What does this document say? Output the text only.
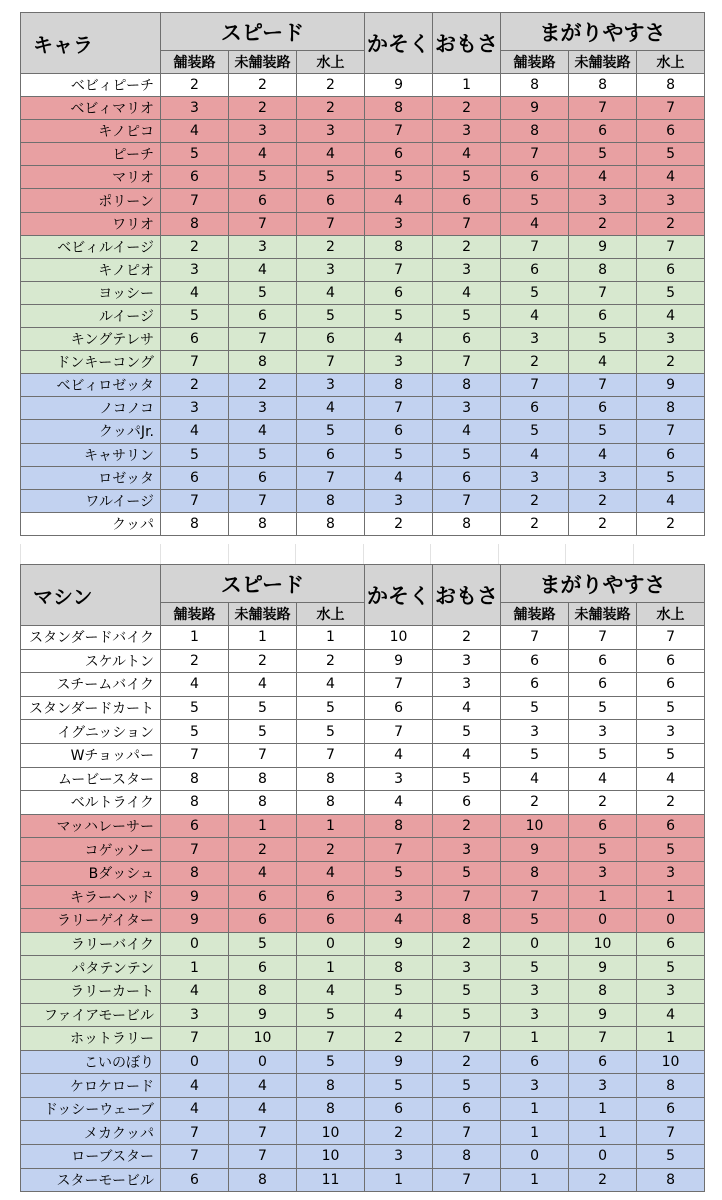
キャラ	スピード			かそく	おもさ	まがりやすさ		
	舗装路	未舗装路	水上			舗装路	未舗装路	水上
ベビィピーチ	2	2	2	9	1	8	8	8
ベビィマリオ	3	2	2	8	2	9	7	7
キノピコ	4	3	3	7	3	8	6	6
ピーチ	5	4	4	6	4	7	5	5
マリオ	6	5	5	5	5	6	4	4
ポリーン	7	6	6	4	6	5	3	3
ワリオ	8	7	7	3	7	4	2	2
ベビィルイージ	2	3	2	8	2	7	9	7
キノピオ	3	4	3	7	3	6	8	6
ヨッシー	4	5	4	6	4	5	7	5
ルイージ	5	6	5	5	5	4	6	4
キングテレサ	6	7	6	4	6	3	5	3
ドンキーコング	7	8	7	3	7	2	4	2
ベビィロゼッタ	2	2	3	8	8	7	7	9
ノコノコ	3	3	4	7	3	6	6	8
クッパJr.	4	4	5	6	4	5	5	7
キャサリン	5	5	6	5	5	4	4	6
ロゼッタ	6	6	7	4	6	3	3	5
ワルイージ	7	7	8	3	7	2	2	4
クッパ	8	8	8	2	8	2	2	2
マシン	スピード			かそく	おもさ	まがりやすさ		
	舗装路	未舗装路	水上			舗装路	未舗装路	水上
スタンダードバイク	1	1	1	10	2	7	7	7
スケルトン	2	2	2	9	3	6	6	6
スチームバイク	4	4	4	7	3	6	6	6
スタンダードカート	5	5	5	6	4	5	5	5
イグニッション	5	5	5	7	5	3	3	3
Wチョッパー	7	7	7	4	4	5	5	5
ムービースター	8	8	8	3	5	4	4	4
ベルトライク	8	8	8	4	6	2	2	2
マッハレーサー	6	1	1	8	2	10	6	6
コゲッソー	7	2	2	7	3	9	5	5
Bダッシュ	8	4	4	5	5	8	3	3
キラーヘッド	9	6	6	3	7	7	1	1
ラリーゲイター	9	6	6	4	8	5	0	0
ラリーバイク	0	5	0	9	2	0	10	6
パタテンテン	1	6	1	8	3	5	9	5
ラリーカート	4	8	4	5	5	3	8	3
ファイアモービル	3	9	5	4	5	3	9	4
ホットラリー	7	10	7	2	7	1	7	1
こいのぼり	0	0	5	9	2	6	6	10
ケロケロード	4	4	8	5	5	3	3	8
ドッシーウェーブ	4	4	8	6	6	1	1	6
メカクッパ	7	7	10	2	7	1	1	7
ローブスター	7	7	10	3	8	0	0	5
スターモービル	6	8	11	1	7	1	2	8
